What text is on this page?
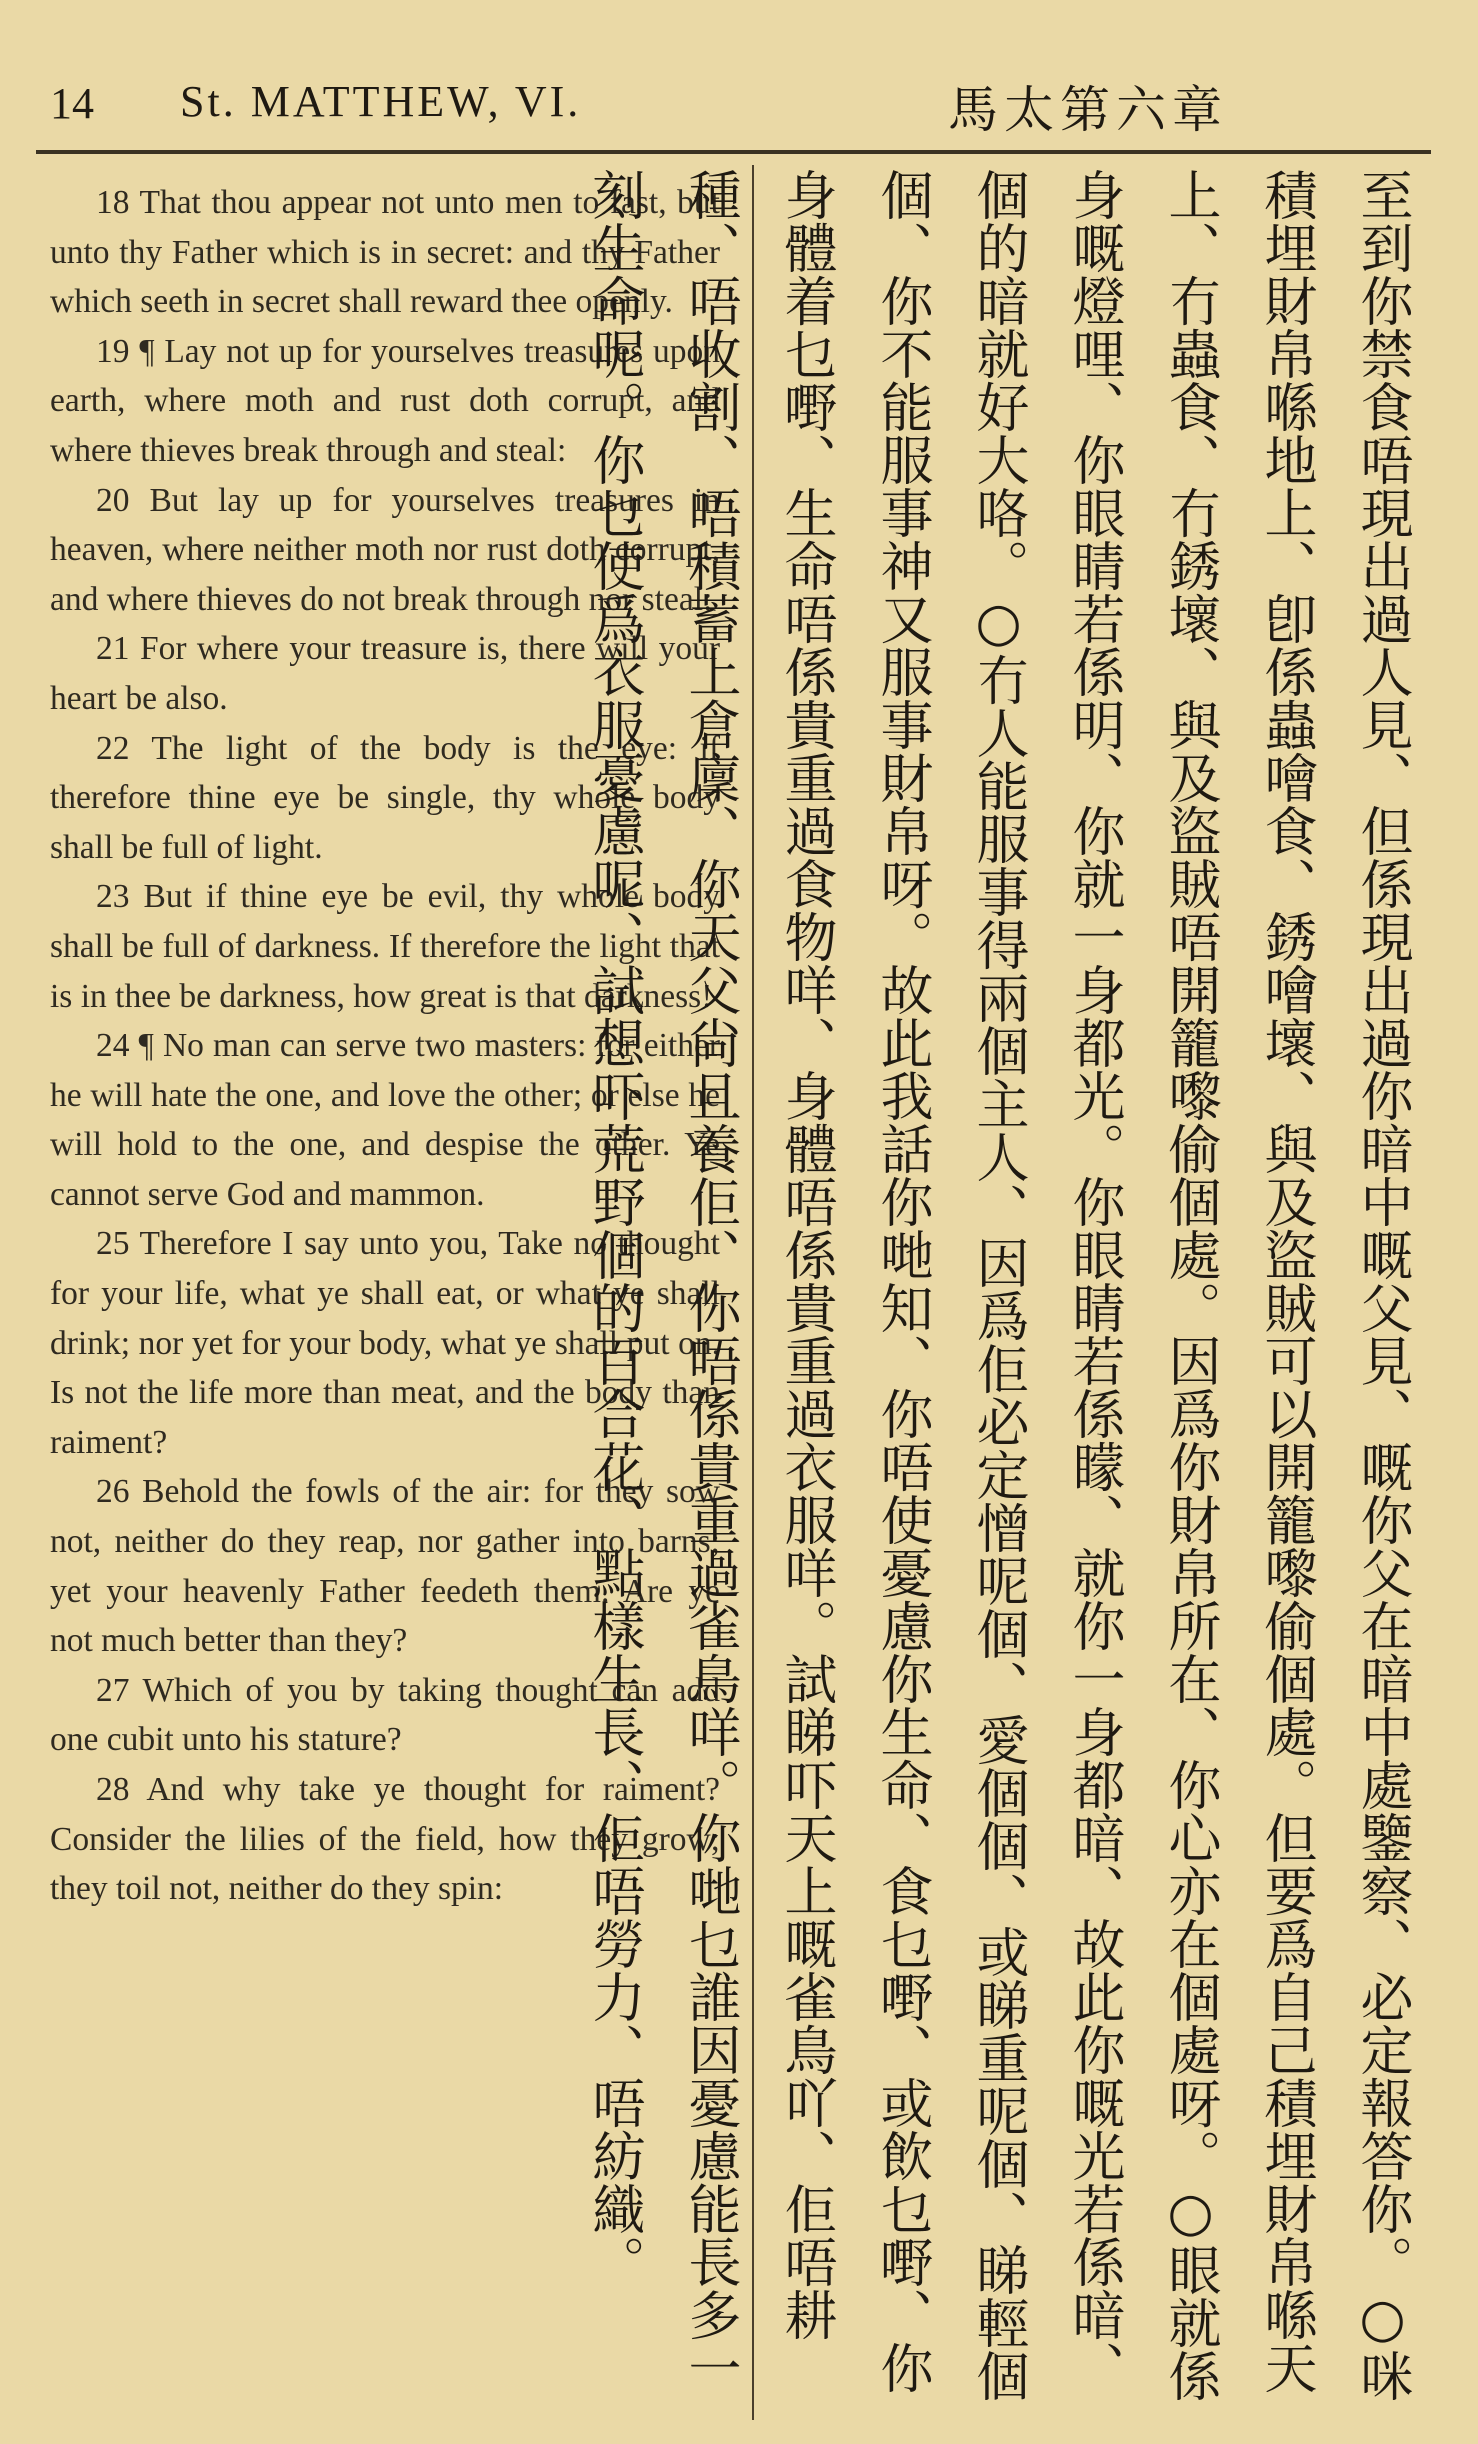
14 St. MATTHEW, VI.	馬太第六章

18 That thou appear not unto men to fast, but unto thy Father which is in secret: and thy Father which seeth in secret shall reward thee openly.

19 ¶ Lay not up for yourselves treasures upon earth, where moth and rust doth corrupt, and where thieves break through and steal:

20 But lay up for yourselves treasures in heaven, where neither moth nor rust doth corrupt, and where thieves do not break through nor steal:

21 For where your treasure is, there will your heart be also.

22 The light of the body is the eye: if therefore thine eye be single, thy whole body shall be full of light.

23 But if thine eye be evil, thy whole body shall be full of darkness. If therefore the light that is in thee be darkness, how great is that darkness!

24 ¶ No man can serve two masters: for either he will hate the one, and love the other; or else he will hold to the one, and despise the other. Ye cannot serve God and mammon.

25 Therefore I say unto you, Take no thought for your life, what ye shall eat, or what ye shall drink; nor yet for your body, what ye shall put on. Is not the life more than meat, and the body than raiment?

26 Behold the fowls of the air: for they sow not, neither do they reap, nor gather into barns; yet your heavenly Father feedeth them. Are ye not much better than they?

27 Which of you by taking thought can add one cubit unto his stature?

28 And why take ye thought for raiment? Consider the lilies of the field, how they grow; they toil not, neither do they spin:	至到你禁食唔現出過人見、但係現出過你暗中嘅父見、嘅你父在暗中處鑒察、必定報答你。○咪積埋財帛喺地上、卽係蟲噲食、銹噲壞、與及盜賊可以開籠嚟偷個處。但要爲自己積埋財帛喺天上、冇蟲食、冇銹壞、與及盜賊唔開籠嚟偷個處。因爲你財帛所在、你心亦在個處呀。○眼就係身嘅燈哩、你眼睛若係明、你就一身都光。你眼睛若係矇、就你一身都暗、故此你嘅光若係暗、個的暗就好大咯。○冇人能服事得兩個主人、因爲佢必定憎呢個、愛個個、或睇重呢個、睇輕個個、你不能服事神又服事財帛呀。故此我話你哋知、你唔使憂慮你生命、食乜嘢、或飲乜嘢、你身體着乜嘢、生命唔係貴重過食物咩、身體唔係貴重過衣服咩。試睇吓天上嘅雀鳥吖、佢唔耕種、唔收割、唔積蓄上倉廩、你天父尙且養佢、你唔係貴重過雀鳥咩。你哋乜誰因憂慮能長多一刻生命呢。你乜使爲衣服憂慮呢、試想吓荒野個的百合花、點樣生長、佢唔勞力、唔紡織。
